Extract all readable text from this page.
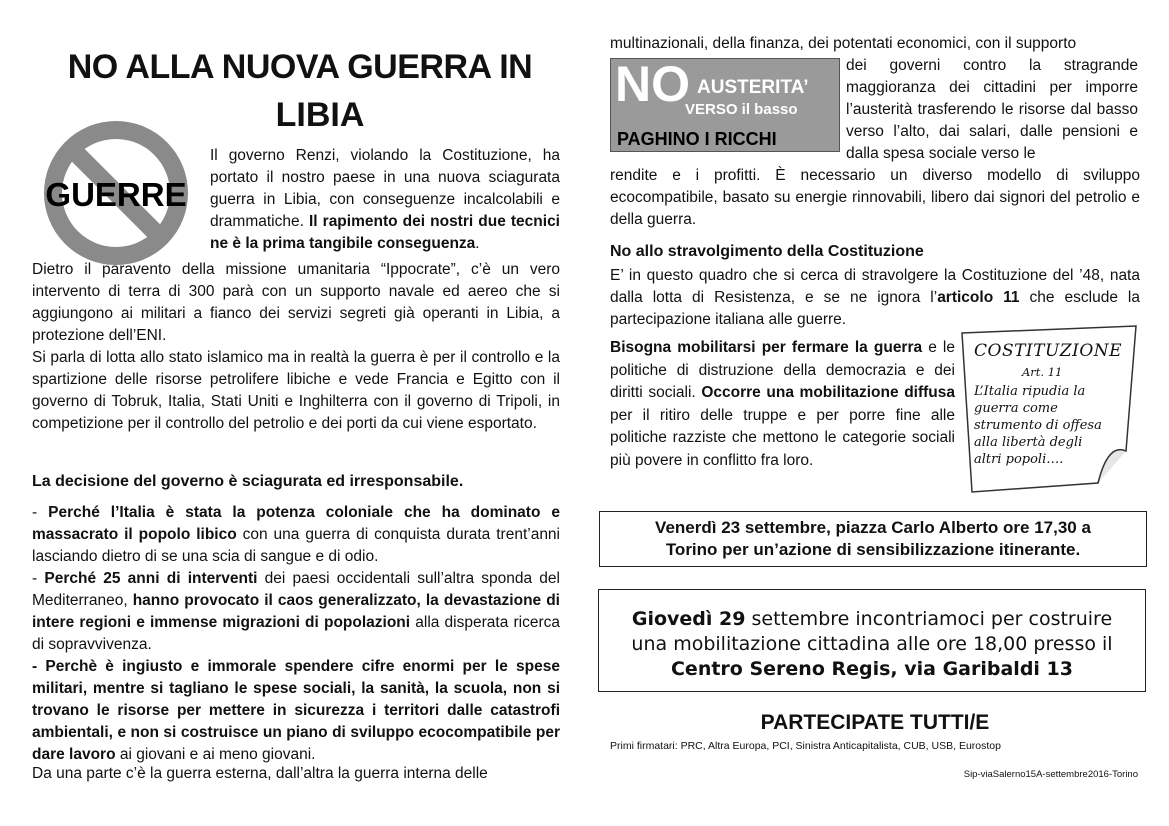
NO ALLA NUOVA GUERRA IN
LIBIA
GUERRE
Il governo Renzi, violando la Costituzione, ha portato il nostro paese in una nuova sciagurata guerra in Libia, con conseguenze incalcolabili e drammatiche. Il rapimento dei nostri due tecnici ne è la prima tangibile conseguenza.
Dietro il paravento della missione umanitaria “Ippocrate”, c’è un vero intervento di terra di 300 parà con un supporto navale ed aereo che si aggiungono ai militari a fianco dei servizi segreti già operanti in Libia, a protezione dell’ENI.
Si parla di lotta allo stato islamico ma in realtà la guerra è per il controllo e la spartizione delle risorse petrolifere libiche e vede Francia e Egitto con il governo di Tobruk, Italia, Stati Uniti e Inghilterra con il governo di Tripoli, in competizione per il controllo del petrolio e dei porti da cui viene esportato.
La decisione del governo è sciagurata ed irresponsabile.

- Perché l’Italia è stata la potenza coloniale che ha dominato e massacrato il popolo libico con una guerra di conquista durata trent’anni lasciando dietro di se una scia di sangue e di odio.

- Perché 25 anni di interventi dei paesi occidentali sull’altra sponda del Mediterraneo, hanno provocato il caos generalizzato, la devastazione di intere regioni e immense migrazioni di popolazioni alla disperata ricerca di sopravvivenza.

- Perchè è ingiusto e immorale spendere cifre enormi per le spese militari, mentre si tagliano le spese sociali, la sanità, la scuola, non si trovano le risorse per mettere in sicurezza i territori dalle catastrofi ambientali, e non si costruisce un piano di sviluppo ecocompatibile per dare lavoro ai giovani e ai meno giovani.

Da una parte c’è la guerra esterna, dall’altra la guerra interna delle
multinazionali, della finanza, dei potentati economici, con il supporto
NO AUSTERITA’
VERSO il basso
PAGHINO I RICCHI
dei governi contro la stragrande maggioranza dei cittadini per imporre l’austerità trasferendo le risorse dal basso verso l’alto, dai salari, dalle pensioni e dalla spesa sociale verso le
rendite e i profitti. È necessario un diverso modello di sviluppo ecocompatibile, basato su energie rinnovabili, libero dai signori del petrolio e della guerra.
No allo stravolgimento della Costituzione
E’ in questo quadro che si cerca di stravolgere la Costituzione del ’48, nata dalla lotta di Resistenza, e se ne ignora l’articolo 11 che esclude la partecipazione italiana alle guerre.
Bisogna mobilitarsi per fermare la guerra e le politiche di distruzione della democrazia e dei diritti sociali. Occorre una mobilitazione diffusa per il ritiro delle truppe e per porre fine alle politiche razziste che mettono le categorie sociali più povere in conflitto fra loro.
COSTITUZIONE
Art. 11
L’Italia ripudia la
guerra come
strumento di offesa
alla libertà degli
altri popoli….
Venerdì 23 settembre, piazza Carlo Alberto ore 17,30 a
Torino per un’azione di sensibilizzazione itinerante.
Giovedì 29 settembre incontriamoci per costruire
una mobilitazione cittadina alle ore 18,00 presso il
Centro Sereno Regis, via Garibaldi 13
PARTECIPATE TUTTI/E
Primi firmatari: PRC, Altra Europa, PCI, Sinistra Anticapitalista, CUB, USB, Eurostop
Sip-viaSalerno15A-settembre2016-Torino
